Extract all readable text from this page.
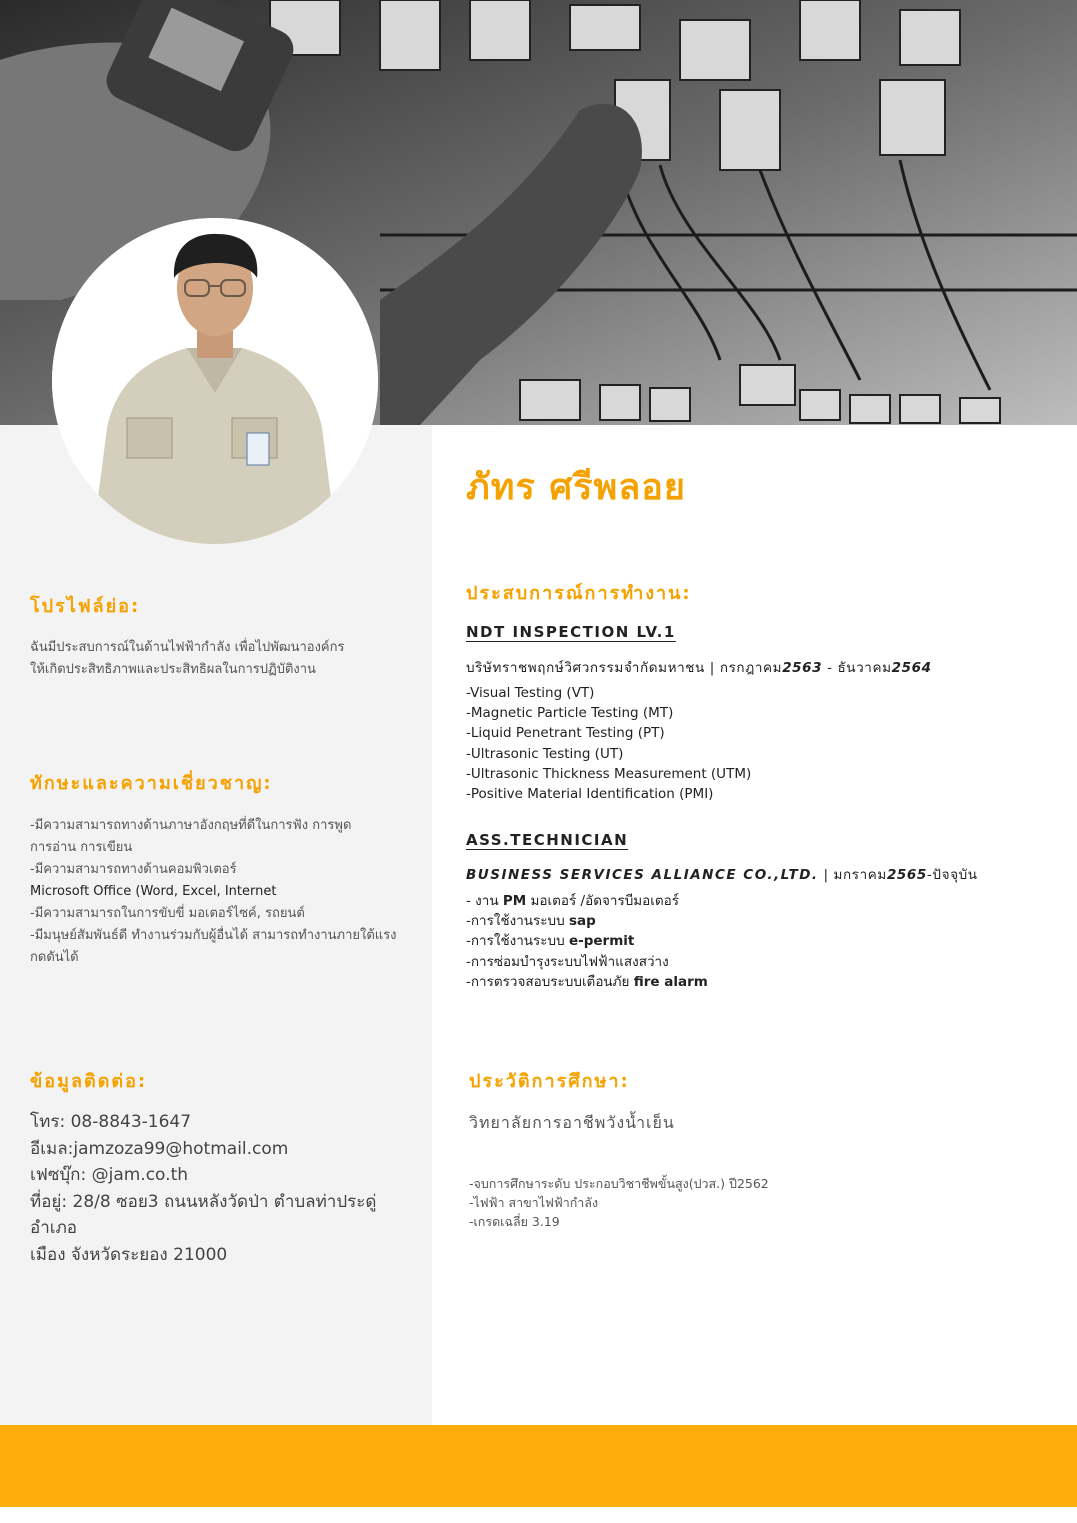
ภัทร ศรีพลอย
โปรไฟล์ย่อ:
ฉันมีประสบการณ์ในด้านไฟฟ้ากำลัง เพื่อไปพัฒนาองค์กร
ให้เกิดประสิทธิภาพและประสิทธิผลในการปฏิบัติงาน
ทักษะและความเชี่ยวชาญ:
-มีความสามารถทางด้านภาษาอังกฤษที่ดีในการฟัง การพูด
การอ่าน การเขียน
-มีความสามารถทางด้านคอมพิวเตอร์
Microsoft Office (Word, Excel, Internet
-มีความสามารถในการขับขี่ มอเตอร์ไซค์, รถยนต์
-มีมนุษย์สัมพันธ์ดี ทำงานร่วมกับผู้อื่นได้ สามารถทำงานภายใต้แรง
กดดันได้
ข้อมูลติดต่อ:
โทร: 08-8843-1647
อีเมล:jamzoza99@hotmail.com
เฟซบุ๊ก: @jam.co.th
ที่อยู่: 28/8 ซอย3 ถนนหลังวัดป่า ตำบลท่าประดู่ อำเภอ
เมือง จังหวัดระยอง 21000
ประสบการณ์การทำงาน:
NDT INSPECTION LV.1
บริษัทราชพฤกษ์วิศวกรรมจำกัดมหาชน | กรกฎาคม2563 - ธันวาคม2564
-Visual Testing (VT)
-Magnetic Particle Testing (MT)
-Liquid Penetrant Testing (PT)
-Ultrasonic Testing (UT)
-Ultrasonic Thickness Measurement (UTM)
-Positive Material Identification (PMI)
ASS.TECHNICIAN
BUSINESS SERVICES ALLIANCE CO.,LTD. | มกราคม2565-ปัจจุบัน
- งาน PM มอเตอร์ /อัดจารบีมอเตอร์
-การใช้งานระบบ sap
-การใช้งานระบบ e-permit
-การซ่อมบำรุงระบบไฟฟ้าแสงสว่าง
-การตรวจสอบระบบเตือนภัย fire alarm
ประวัติการศึกษา:
วิทยาลัยการอาชีพวังน้ำเย็น
-จบการศึกษาระดับ ประกอบวิชาชีพขั้นสูง(ปวส.) ปี2562
-ไฟฟ้า สาขาไฟฟ้ากำลัง
-เกรดเฉลี่ย 3.19
